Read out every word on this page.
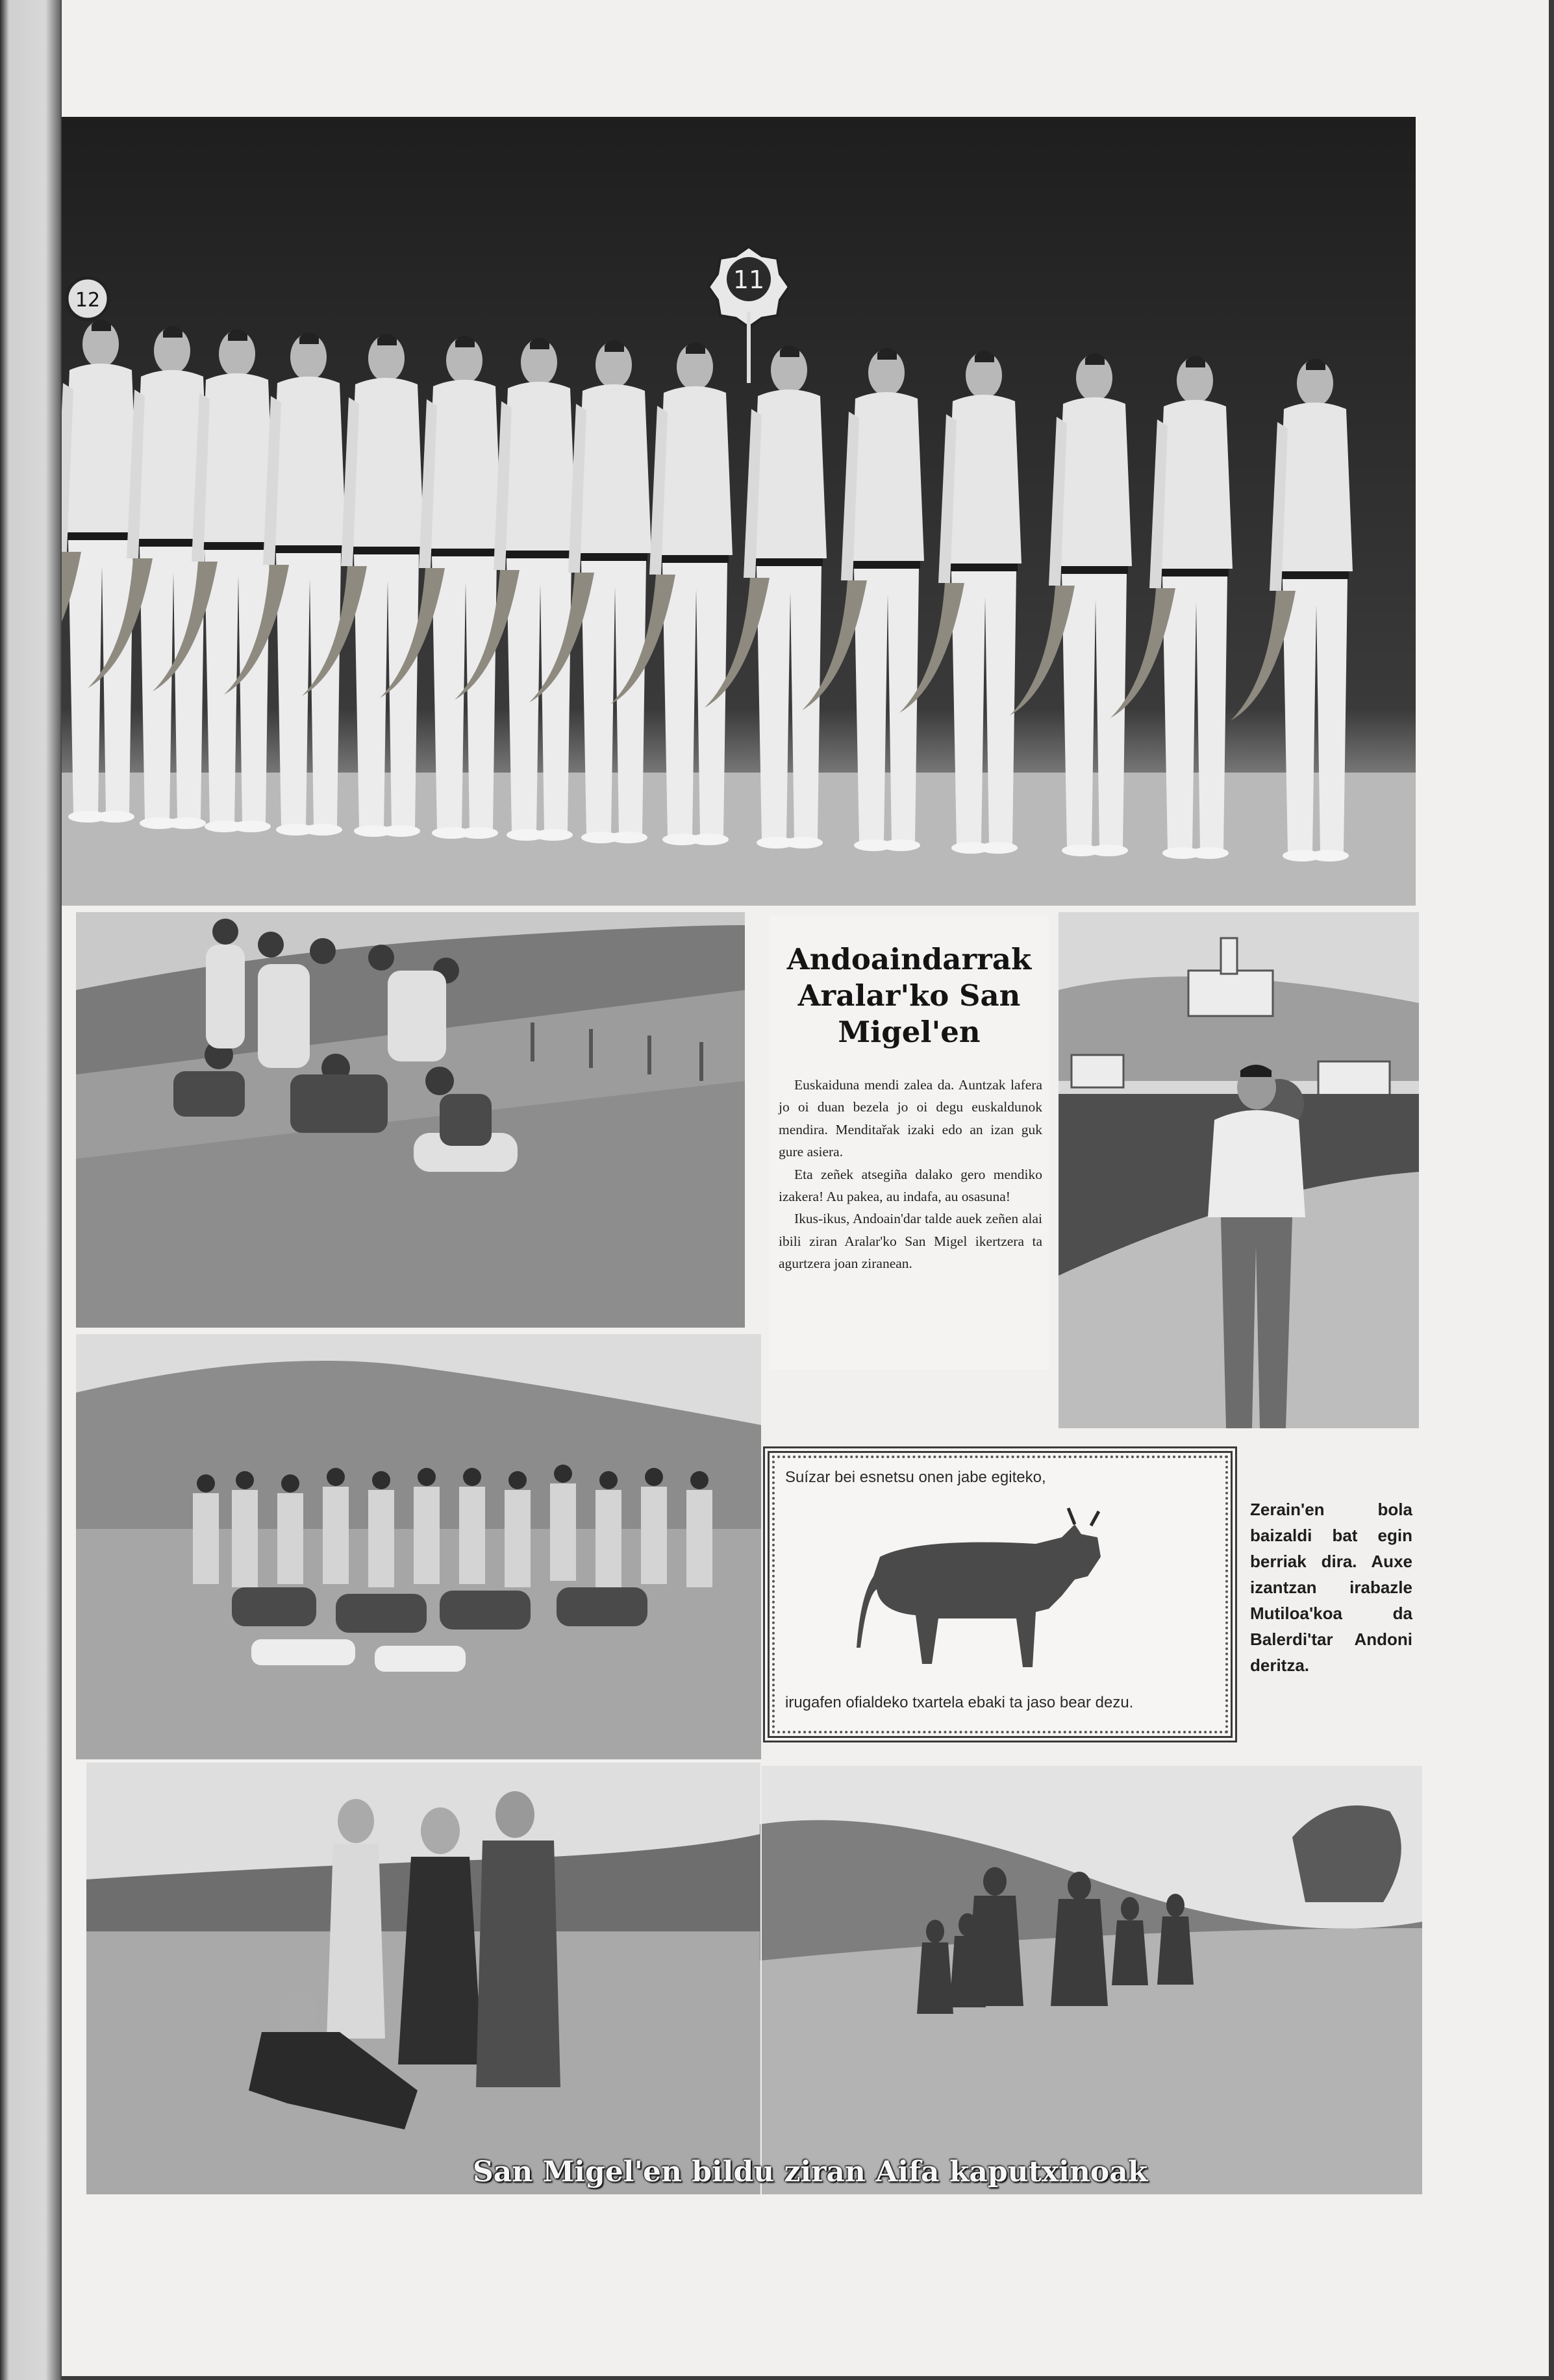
12
11
Andoaindarrak
Aralar'ko San
Migel'en

Euskaiduna mendi zalea da. Auntzak lafera jo oi duan bezela jo oi degu euskaldunok mendira. Menditařak izaki edo an izan guk gure asiera.

Eta zeñek atsegiña dalako gero mendiko izakera! Au pakea, au indafa, au osasuna!

Ikus-ikus, Andoain'dar talde auek zeñen alai ibili ziran Aralar'ko San Migel ikertzera ta agurtzera joan ziranean.

Suízar bei esnetsu onen jabe egiteko,
irugafen ofialdeko txartela ebaki ta jaso bear dezu.
Zerain'en bola baizaldi bat egin berriak dira. Auxe izantzan irabazle Mutiloa'koa da Balerdi'tar Andoni deritza.
San Migel'en bildu ziran Aifa kaputxinoak
